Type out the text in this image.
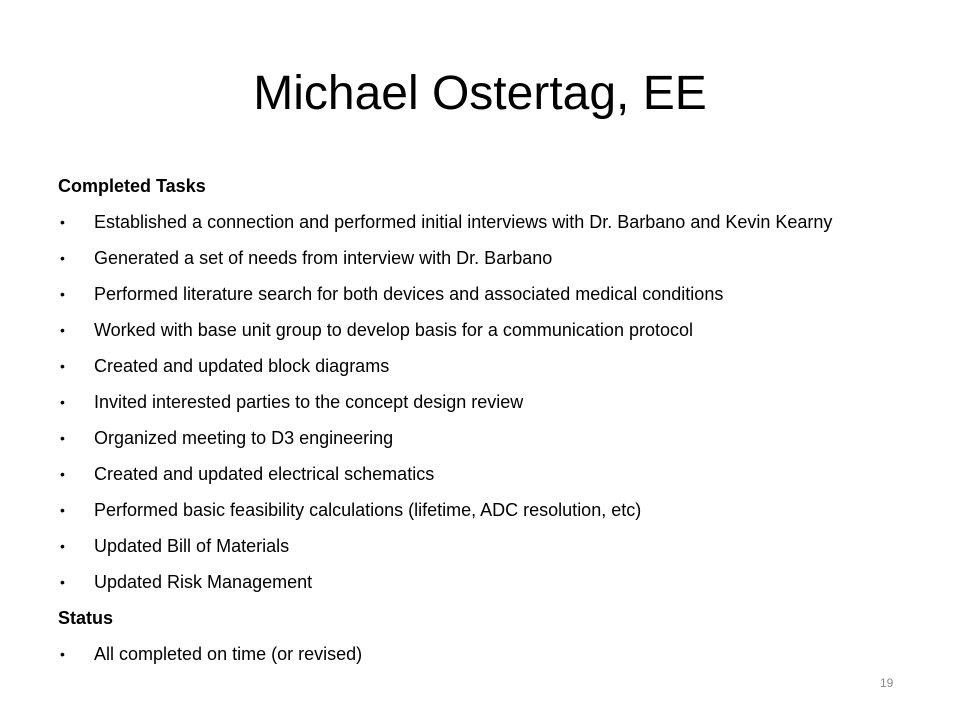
Michael Ostertag, EE
Completed Tasks
• Established a connection and performed initial interviews with Dr. Barbano and Kevin Kearny
• Generated a set of needs from interview with Dr. Barbano
• Performed literature search for both devices and associated medical conditions
• Worked with base unit group to develop basis for a communication protocol
• Created and updated block diagrams
• Invited interested parties to the concept design review
• Organized meeting to D3 engineering
• Created and updated electrical schematics
• Performed basic feasibility calculations (lifetime, ADC resolution, etc)
• Updated Bill of Materials
• Updated Risk Management
Status
• All completed on time (or revised)
19
